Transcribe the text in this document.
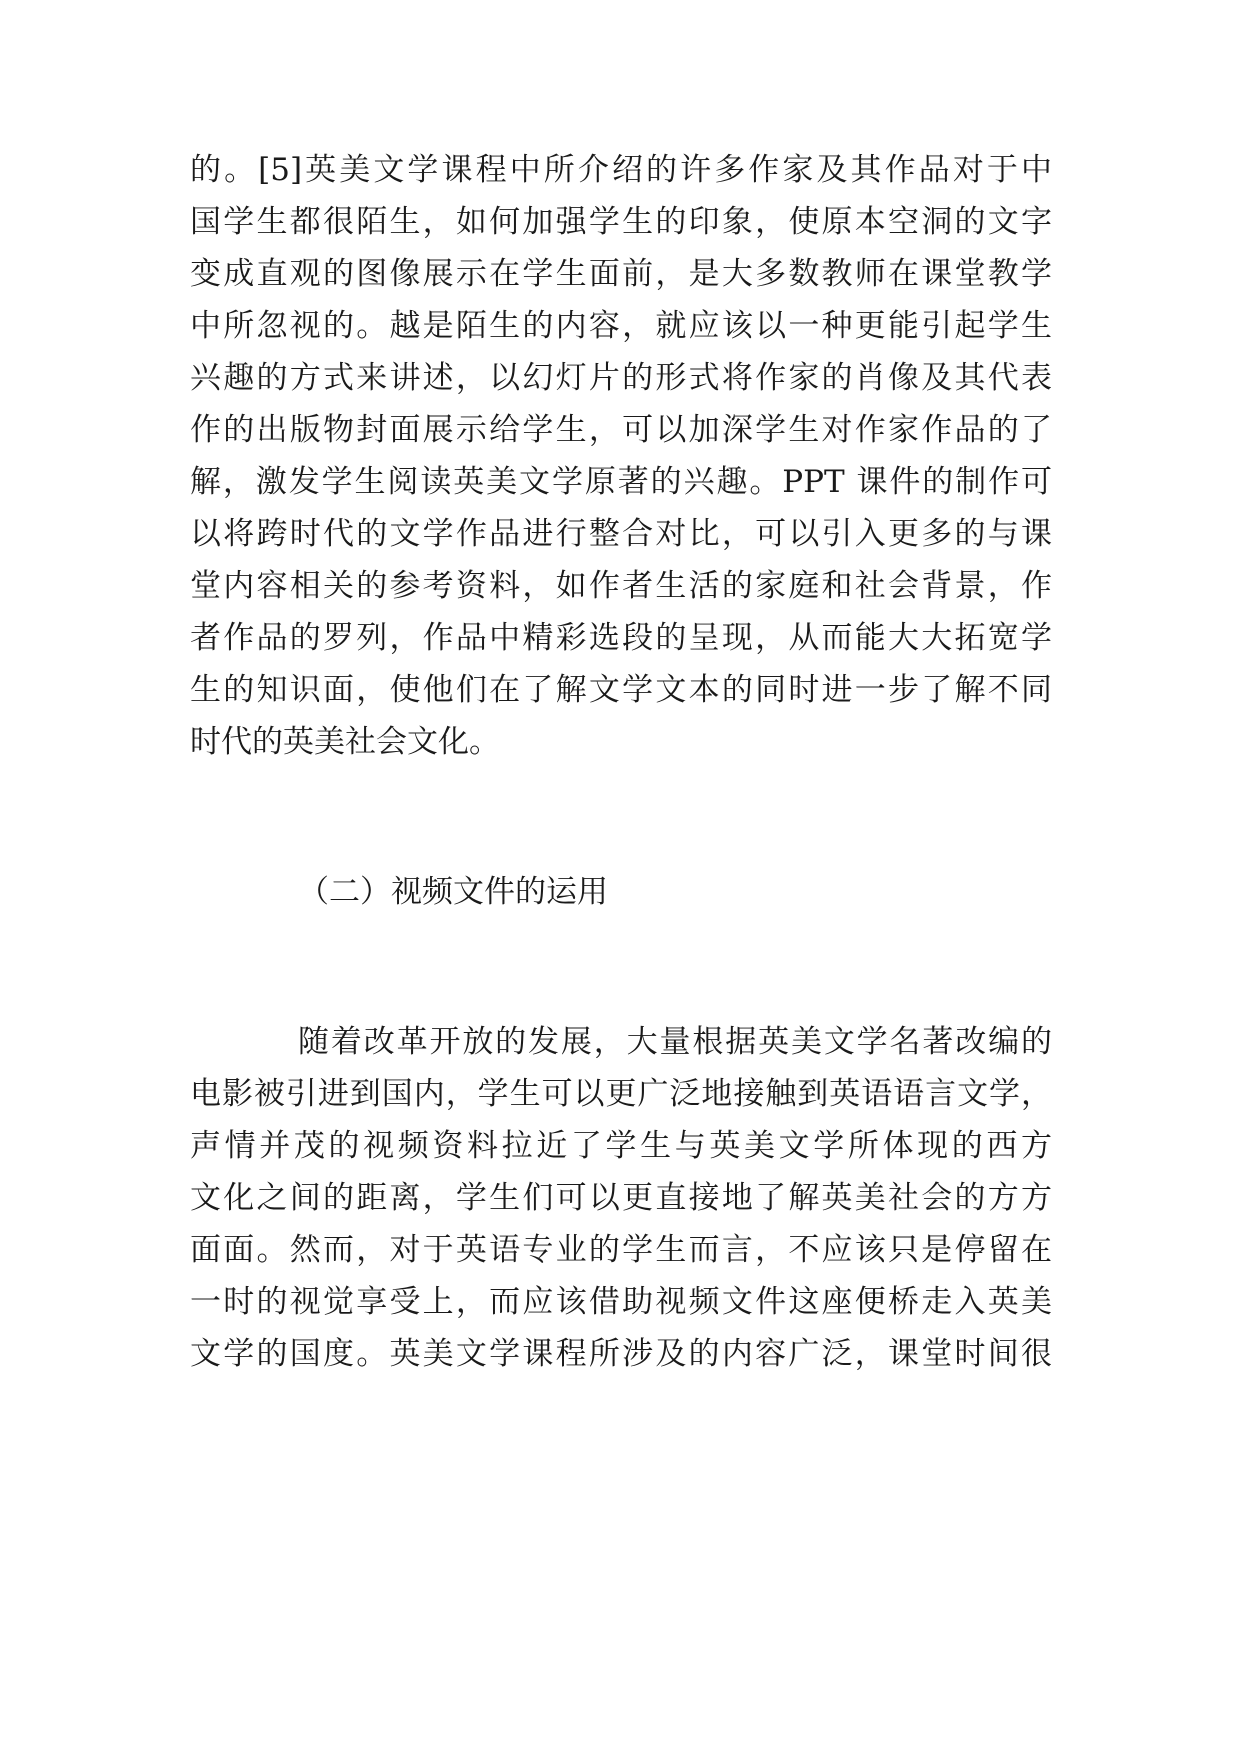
的。[5]英美文学课程中所介绍的许多作家及其作品对于中
国学生都很陌生，如何加强学生的印象，使原本空洞的文字
变成直观的图像展示在学生面前，是大多数教师在课堂教学
中所忽视的。越是陌生的内容，就应该以一种更能引起学生
兴趣的方式来讲述，以幻灯片的形式将作家的肖像及其代表
作的出版物封面展示给学生，可以加深学生对作家作品的了
解，激发学生阅读英美文学原著的兴趣。PPT 课件的制作可
以将跨时代的文学作品进行整合对比，可以引入更多的与课
堂内容相关的参考资料，如作者生活的家庭和社会背景，作
者作品的罗列，作品中精彩选段的呈现，从而能大大拓宽学
生的知识面，使他们在了解文学文本的同时进一步了解不同
时代的英美社会文化。
（二）视频文件的运用
随着改革开放的发展，大量根据英美文学名著改编的
电影被引进到国内，学生可以更广泛地接触到英语语言文学，
声情并茂的视频资料拉近了学生与英美文学所体现的西方
文化之间的距离，学生们可以更直接地了解英美社会的方方
面面。然而，对于英语专业的学生而言，不应该只是停留在
一时的视觉享受上，而应该借助视频文件这座便桥走入英美
文学的国度。英美文学课程所涉及的内容广泛，课堂时间很
